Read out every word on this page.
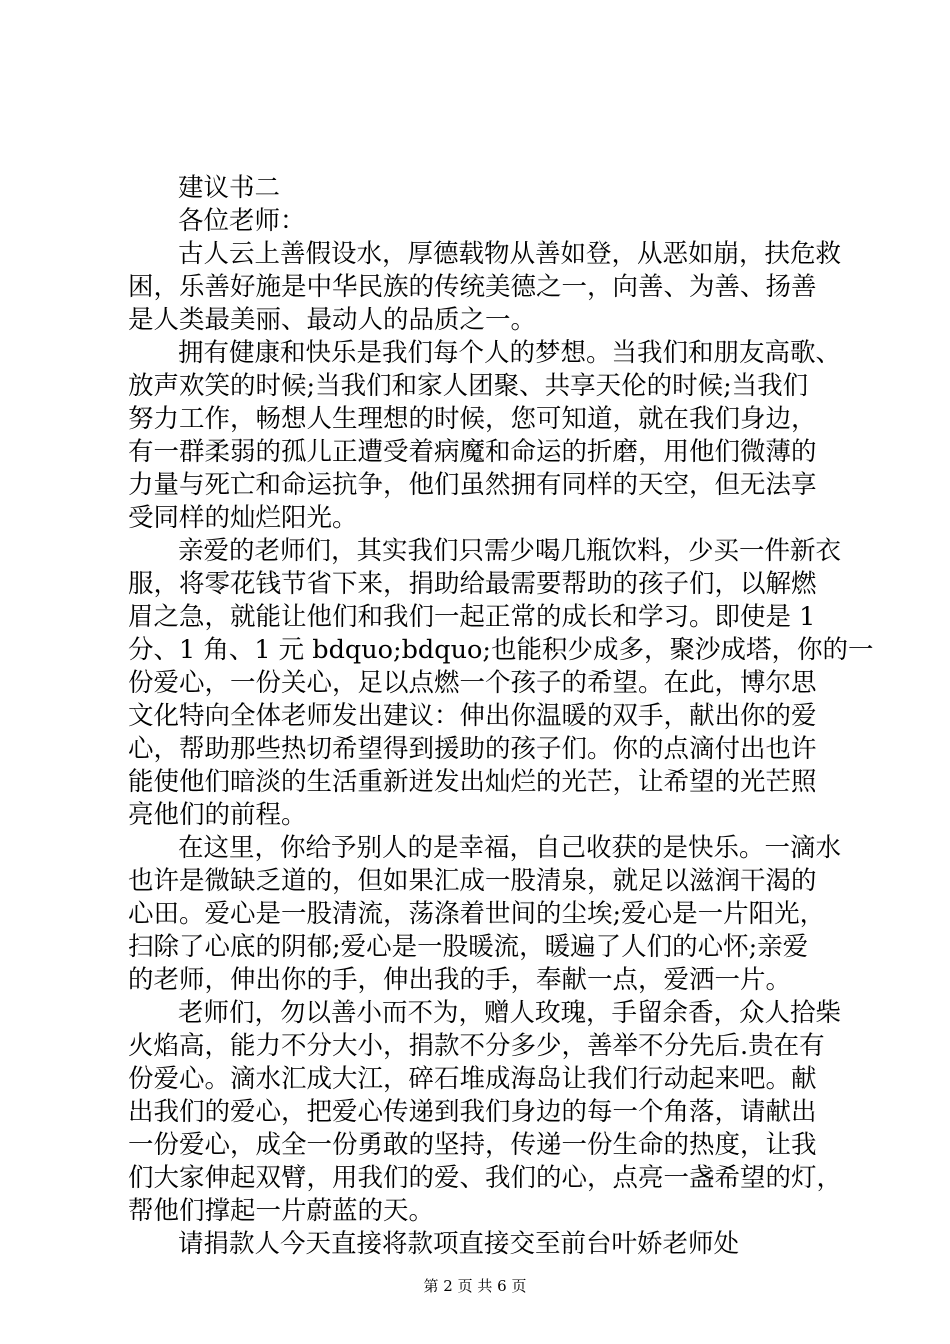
建议书二
各位老师：
古人云上善假设水，厚德载物从善如登，从恶如崩，扶危救
困，乐善好施是中华民族的传统美德之一，向善、为善、扬善
是人类最美丽、最动人的品质之一。
拥有健康和快乐是我们每个人的梦想。当我们和朋友高歌、
放声欢笑的时候;当我们和家人团聚、共享天伦的时候;当我们
努力工作，畅想人生理想的时候，您可知道，就在我们身边，
有一群柔弱的孤儿正遭受着病魔和命运的折磨，用他们微薄的
力量与死亡和命运抗争，他们虽然拥有同样的天空，但无法享
受同样的灿烂阳光。
亲爱的老师们，其实我们只需少喝几瓶饮料，少买一件新衣
服，将零花钱节省下来，捐助给最需要帮助的孩子们，以解燃
眉之急，就能让他们和我们一起正常的成长和学习。即使是 1
分、1 角、1 元 bdquo;bdquo;也能积少成多，聚沙成塔，你的一
份爱心，一份关心，足以点燃一个孩子的希望。在此，博尔思
文化特向全体老师发出建议：伸出你温暖的双手，献出你的爱
心，帮助那些热切希望得到援助的孩子们。你的点滴付出也许
能使他们暗淡的生活重新迸发出灿烂的光芒，让希望的光芒照
亮他们的前程。
在这里，你给予别人的是幸福，自己收获的是快乐。一滴水
也许是微缺乏道的，但如果汇成一股清泉，就足以滋润干渴的
心田。爱心是一股清流，荡涤着世间的尘埃;爱心是一片阳光，
扫除了心底的阴郁;爱心是一股暖流，暖遍了人们的心怀;亲爱
的老师，伸出你的手，伸出我的手，奉献一点，爱洒一片。
老师们，勿以善小而不为，赠人玫瑰，手留余香，众人拾柴
火焰高，能力不分大小，捐款不分多少，善举不分先后.贵在有
份爱心。滴水汇成大江，碎石堆成海岛让我们行动起来吧。献
出我们的爱心，把爱心传递到我们身边的每一个角落，请献出
一份爱心，成全一份勇敢的坚持，传递一份生命的热度，让我
们大家伸起双臂，用我们的爱、我们的心，点亮一盏希望的灯，
帮他们撑起一片蔚蓝的天。
请捐款人今天直接将款项直接交至前台叶娇老师处
第 2 页 共 6 页
